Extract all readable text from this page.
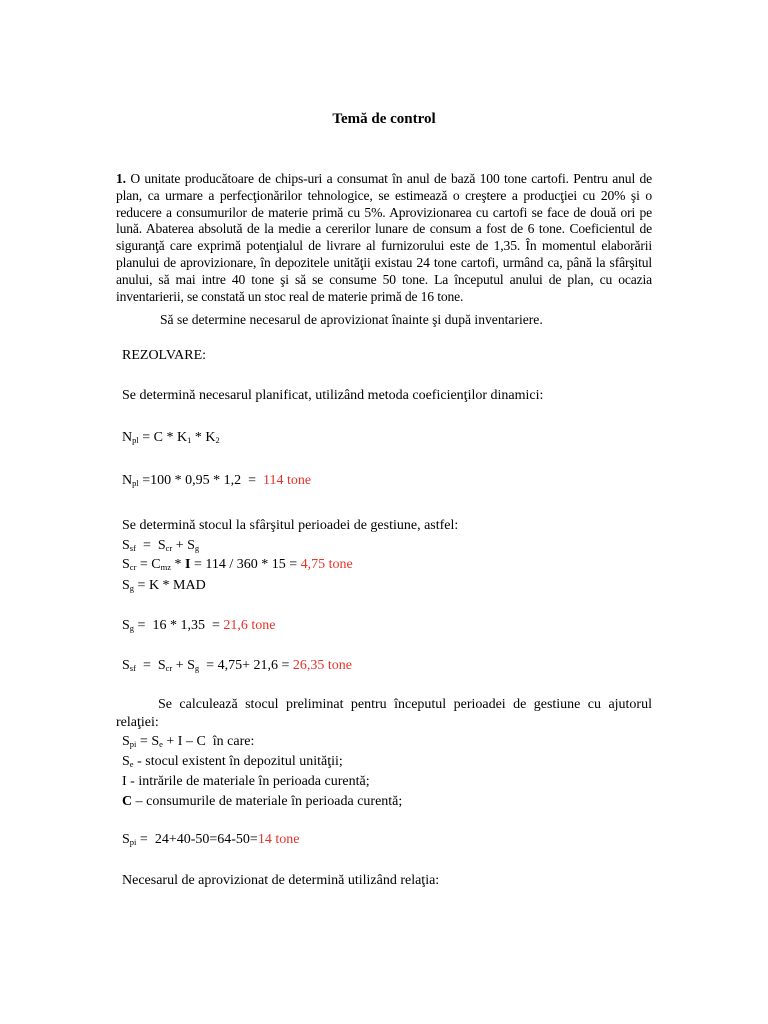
Temă de control
1. O unitate producătoare de chips-uri a consumat în anul de bază 100 tone cartofi. Pentru anul de plan, ca urmare a perfecţionărilor tehnologice, se estimează o creştere a producţiei cu 20% şi o reducere a consumurilor de materie primă cu 5%. Aprovizionarea cu cartofi se face de două ori pe lună. Abaterea absolută de la medie a cererilor lunare de consum a fost de 6 tone. Coeficientul de siguranţă care exprimă potenţialul de livrare al furnizorului este de 1,35. În momentul elaborării planului de aprovizionare, în depozitele unităţii existau 24 tone cartofi, urmând ca, până la sfârşitul anului, să mai intre 40 tone şi să se consume 50 tone. La începutul anului de plan, cu ocazia inventarierii, se constată un stoc real de materie primă de 16 tone.
Să se determine necesarul de aprovizionat înainte şi după inventariere.
REZOLVARE:
Se determină necesarul planificat, utilizând metoda coeficienţilor dinamici:
$N_{pl} = C * K_1 * K_2$
$N_{pl} =100 * 0,95 * 1,2 = 114$ tone
Se determină stocul la sfârşitul perioadei de gestiune, astfel:
$S_{sf} = S_{cr} + S_g$
$S_{cr} = C_{mz} * I = 114 / 360 * 15 = 4,75$ tone
$S_g = K$ * MAD
$S_g = 16 * 1,35 = 21,6$ tone
$S_{sf} = S_{cr} + S_g = 4,75+ 21,6 = 26,35$ tone
Se calculează stocul preliminat pentru începutul perioadei de gestiune cu ajutorul
relaţiei:
$S_{pi} = S_e + I - C$  în care:
$S_e$ - stocul existent în depozitul unităţii;
I - intrările de materiale în perioada curentă;
C – consumurile de materiale în perioada curentă;
$S_{pi} = 24+40-50=64-50=14$ tone
Necesarul de aprovizionat de determină utilizând relaţia:
